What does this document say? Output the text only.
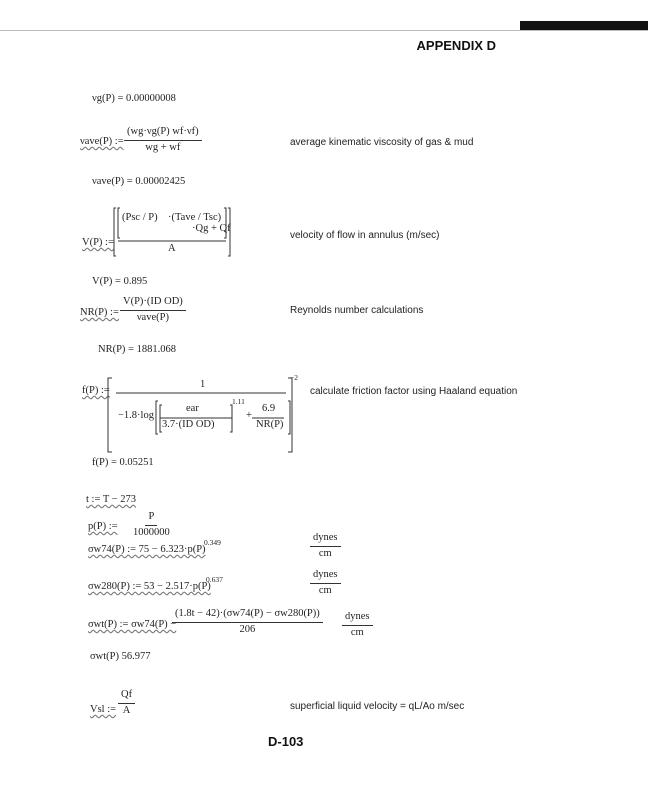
APPENDIX D
νg(P) = 0.00000008
νave(P) := $\frac{(wg\cdot\nu g(P) wf\cdot\nu f)}{wg + wf}$	average kinematic viscosity of gas & mud
νave(P) = 0.00002425
V(P) :=
(Psc / P) ·(Tave / Tsc)
·Qg + Qf
A
velocity of flow in annulus (m/sec)
V(P) = 0.895
NR(P) := $\frac{\text{V(P)·(ID OD)}}{\text{νave(P)}}$	Reynolds number calculations
NR(P) = 1881.068
f(P) :=
1
−2
−1.8·log
ear
3.7·(ID OD)
1.11
+
6.9
NR(P)
calculate friction factor using Haaland equation
f(P) = 0.05251
t := T − 273
p(P) := $\frac{P}{1000000}$
σw74(P) := 75 − 6.323·p(P)
0.349	$\frac{\text{dynes}}{cm}$
σw280(P) := 53 − 2.517·p(P)
0.637	$\frac{\text{dynes}}{cm}$
σwt(P) := σw74(P) −
$\frac{(1.8t - 42)\cdot(\sigma w74(P) - \sigma w280(P))}{206} \frac{\text{dynes}}{cm}$
σwt(P) 56.977
Vsl := $\frac{Qf}{A}$	superficial liquid velocity = qL/Ao m/sec
D-103
